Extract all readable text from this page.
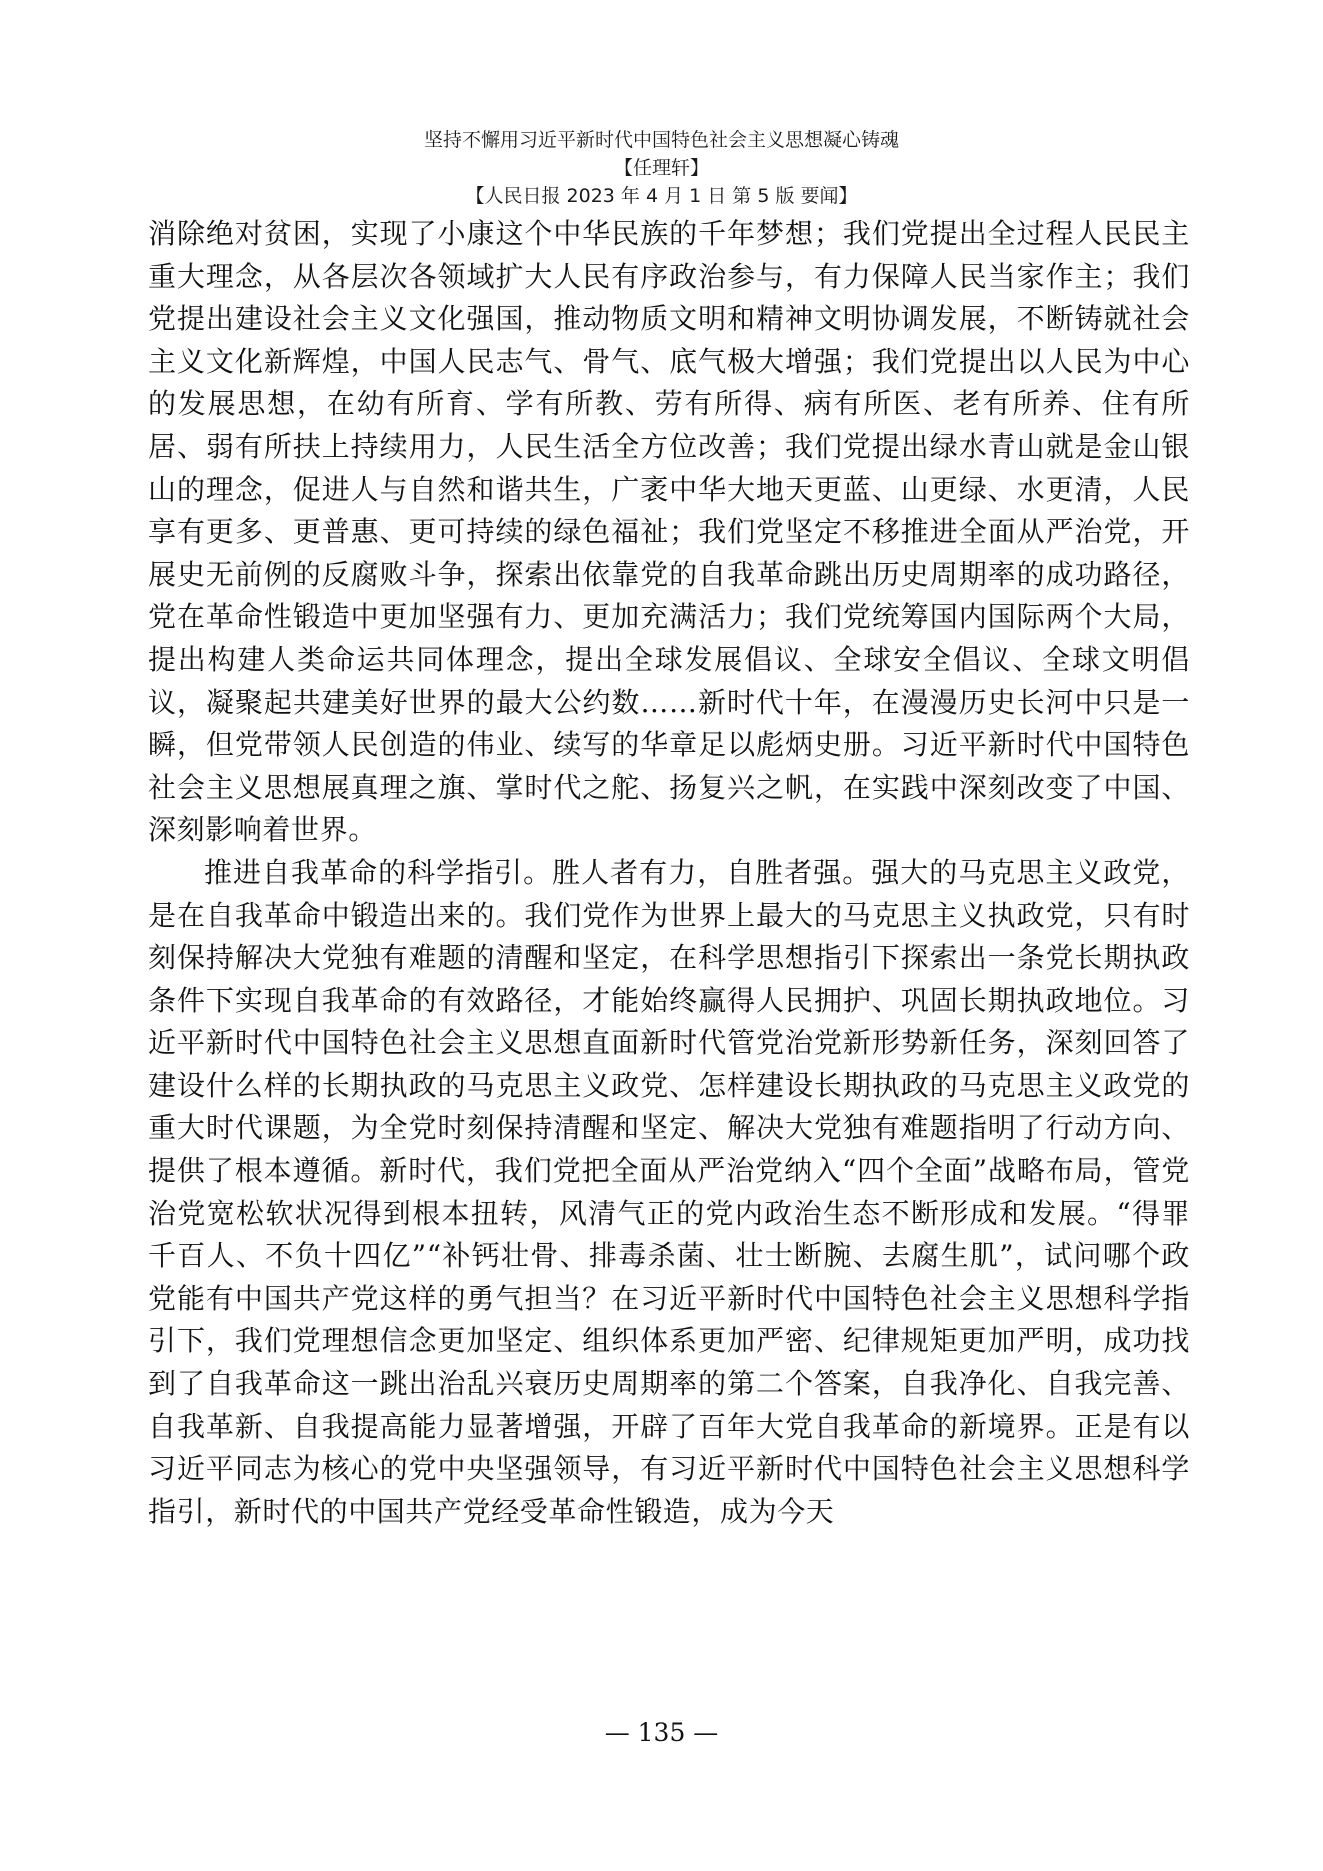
坚持不懈用习近平新时代中国特色社会主义思想凝心铸魂
【任理轩】
【人民日报 2023 年 4 月 1 日 第 5 版 要闻】

消除绝对贫困，实现了小康这个中华民族的千年梦想；我们党提出全过程人民民主重大理念，从各层次各领域扩大人民有序政治参与，有力保障人民当家作主；我们党提出建设社会主义文化强国，推动物质文明和精神文明协调发展，不断铸就社会主义文化新辉煌，中国人民志气、骨气、底气极大增强；我们党提出以人民为中心的发展思想，在幼有所育、学有所教、劳有所得、病有所医、老有所养、住有所居、弱有所扶上持续用力，人民生活全方位改善；我们党提出绿水青山就是金山银山的理念，促进人与自然和谐共生，广袤中华大地天更蓝、山更绿、水更清，人民享有更多、更普惠、更可持续的绿色福祉；我们党坚定不移推进全面从严治党，开展史无前例的反腐败斗争，探索出依靠党的自我革命跳出历史周期率的成功路径，党在革命性锻造中更加坚强有力、更加充满活力；我们党统筹国内国际两个大局，提出构建人类命运共同体理念，提出全球发展倡议、全球安全倡议、全球文明倡议，凝聚起共建美好世界的最大公约数……新时代十年，在漫漫历史长河中只是一瞬，但党带领人民创造的伟业、续写的华章足以彪炳史册。习近平新时代中国特色社会主义思想展真理之旗、掌时代之舵、扬复兴之帆，在实践中深刻改变了中国、深刻影响着世界。

推进自我革命的科学指引。胜人者有力，自胜者强。强大的马克思主义政党，是在自我革命中锻造出来的。我们党作为世界上最大的马克思主义执政党，只有时刻保持解决大党独有难题的清醒和坚定，在科学思想指引下探索出一条党长期执政条件下实现自我革命的有效路径，才能始终赢得人民拥护、巩固长期执政地位。习近平新时代中国特色社会主义思想直面新时代管党治党新形势新任务，深刻回答了建设什么样的长期执政的马克思主义政党、怎样建设长期执政的马克思主义政党的重大时代课题，为全党时刻保持清醒和坚定、解决大党独有难题指明了行动方向、提供了根本遵循。新时代，我们党把全面从严治党纳入“四个全面”战略布局，管党治党宽松软状况得到根本扭转，风清气正的党内政治生态不断形成和发展。“得罪千百人、不负十四亿”“补钙壮骨、排毒杀菌、壮士断腕、去腐生肌”，试问哪个政党能有中国共产党这样的勇气担当？在习近平新时代中国特色社会主义思想科学指引下，我们党理想信念更加坚定、组织体系更加严密、纪律规矩更加严明，成功找到了自我革命这一跳出治乱兴衰历史周期率的第二个答案，自我净化、自我完善、自我革新、自我提高能力显著增强，开辟了百年大党自我革命的新境界。正是有以习近平同志为核心的党中央坚强领导，有习近平新时代中国特色社会主义思想科学指引，新时代的中国共产党经受革命性锻造，成为今天

— 135 —
